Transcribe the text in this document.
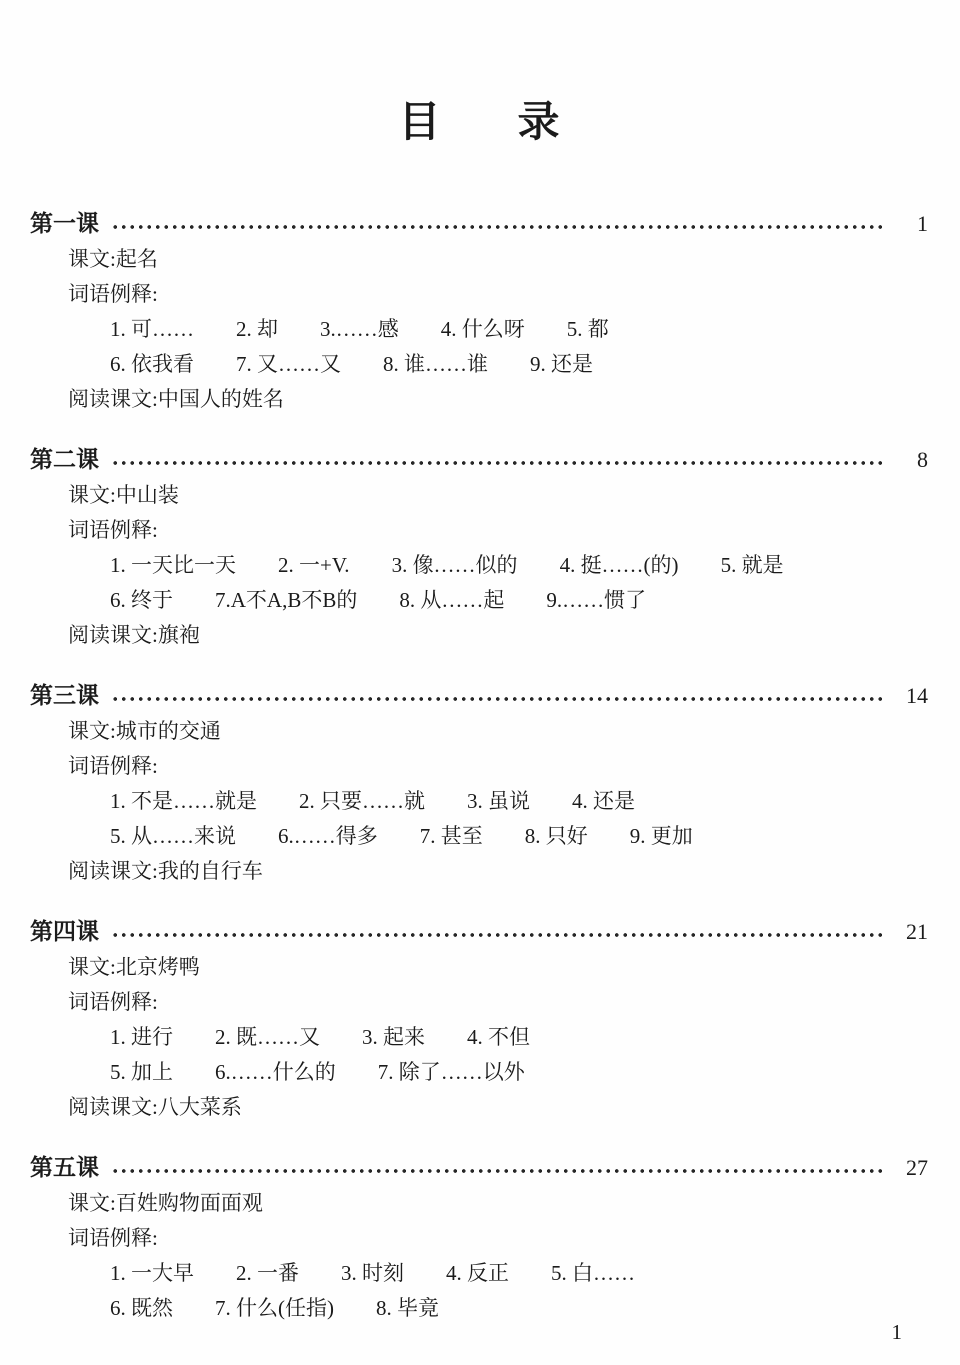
目      录
第一课	1
课文:起名
词语例释:
1. 可…… 2. 却 3.……感 4. 什么呀 5. 都
6. 依我看 7. 又……又 8. 谁……谁 9. 还是
阅读课文:中国人的姓名
第二课	8
课文:中山装
词语例释:
1. 一天比一天 2. 一+V. 3. 像……似的 4. 挺……(的) 5. 就是
6. 终于 7.A不A,B不B的 8. 从……起 9.……惯了
阅读课文:旗袍
第三课	14
课文:城市的交通
词语例释:
1. 不是……就是 2. 只要……就 3. 虽说 4. 还是
5. 从……来说 6.……得多 7. 甚至 8. 只好 9. 更加
阅读课文:我的自行车
第四课	21
课文:北京烤鸭
词语例释:
1. 进行 2. 既……又 3. 起来 4. 不但
5. 加上 6.……什么的 7. 除了……以外
阅读课文:八大菜系
第五课	27
课文:百姓购物面面观
词语例释:
1. 一大早 2. 一番 3. 时刻 4. 反正 5. 白……
6. 既然 7. 什么(任指) 8. 毕竟
1
